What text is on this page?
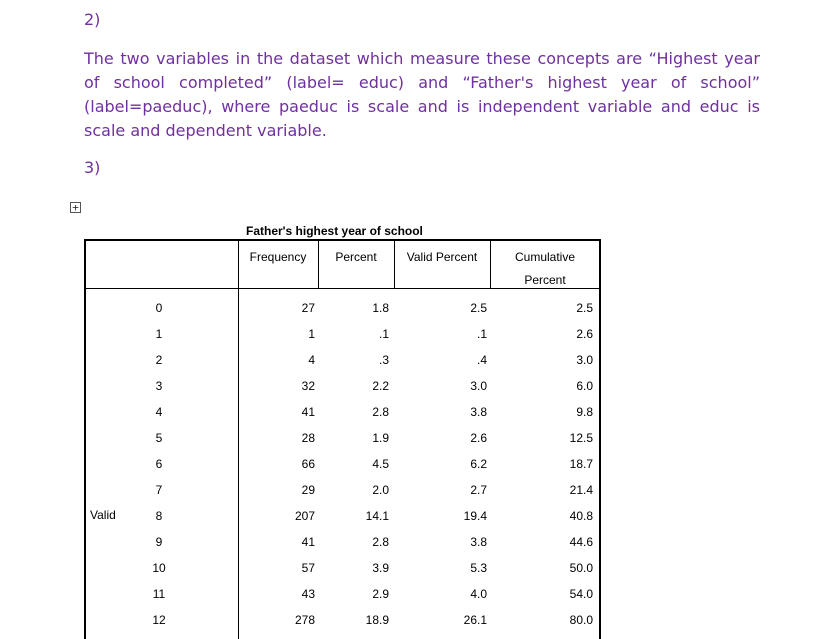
2)
The two variables in the dataset which measure these concepts are “Highest year of school completed” (label= educ) and “Father's highest year of school” (label=paeduc), where paeduc is scale and is independent variable and educ is scale and dependent variable.
3)
+
Father's highest year of school
Frequency	Percent	Valid Percent	Cumulative
Percent
Valid
0	27	1.8	2.5	2.5
1	1	.1	.1	2.6
2	4	.3	.4	3.0
3	32	2.2	3.0	6.0
4	41	2.8	3.8	9.8
5	28	1.9	2.6	12.5
6	66	4.5	6.2	18.7
7	29	2.0	2.7	21.4
8	207	14.1	19.4	40.8
9	41	2.8	3.8	44.6
10	57	3.9	5.3	50.0
11	43	2.9	4.0	54.0
12	278	18.9	26.1	80.0
